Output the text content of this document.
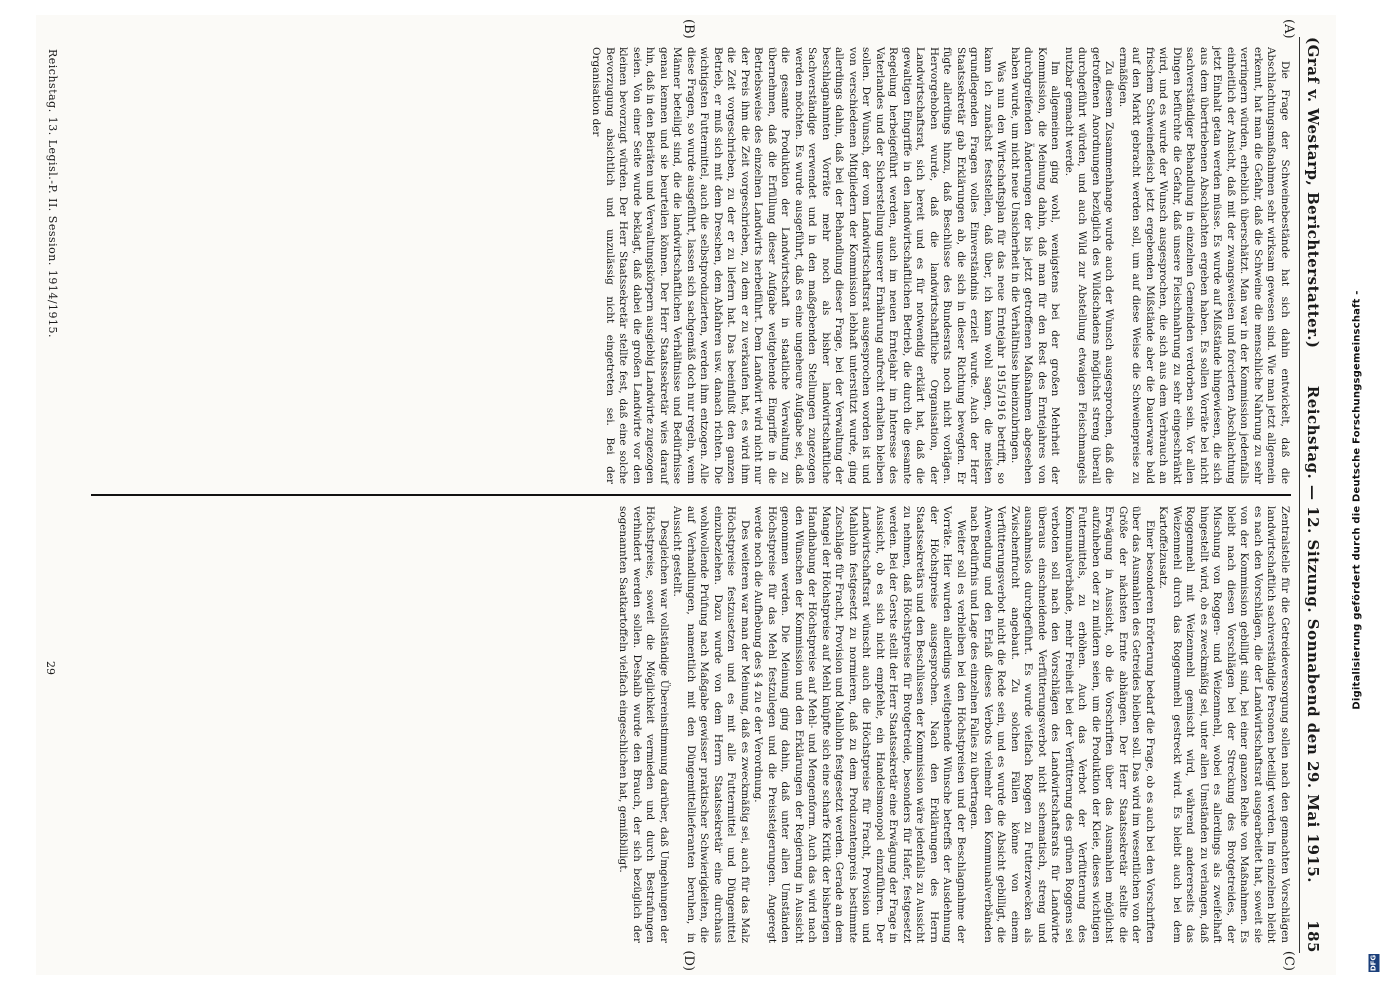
(Graf v. Westarp, Berichterstatter.)
Reichstag. — 12. Sitzung. Sonnabend den 29. Mai 1915.
185
(A)
(B)
(C)
(D)

Die Frage der Schweinebestände hat sich dahin entwickelt, daß die Abschlachtungsmaßnahmen sehr wirksam gewesen sind. Wie man jetzt allgemein erkennt, hat man die Gefahr, daß die Schweine die menschliche Nahrung zu sehr verringern würden, erheblich überschätzt. Man war in der Kommission jedenfalls einheitlich der Ansicht, daß mit der zwangsweisen und forcierten Abschlachtung jetzt Einhalt getan werden müsse. Es wurde auf Mißstände hingewiesen, die sich aus dem übertriebenen Abschlachten ergeben haben. Es sollen Vorräte bei nicht sachverständiger Behandlung in einzelnen Gemeinden verdorben sein. Vor allen Dingen befürchte die Gefahr, daß unsere Fleischnahrung zu sehr eingeschränkt wird, und es wurde der Wunsch ausgesprochen, die sich aus dem Verbrauch an frischem Schweinefleisch jetzt ergebenden Mißstände aber die Dauerware bald auf den Markt gebracht werden soll, um auf diese Weise die Schweinepreise zu ermäßigen.

Zu diesem Zusammenhange wurde auch der Wunsch ausgesprochen, daß die getroffenen Anordnungen bezüglich des Wildschadens möglichst streng überall durchgeführt würden, und auch Wild zur Abstellung etwaigen Fleischmangels nutzbar gemacht werde.

Im allgemeinen ging wohl, wenigstens bei der großen Mehrheit der Kommission, die Meinung dahin, daß man für den Rest des Erntejahres von durchgreifenden Änderungen der bis jetzt getroffenen Maßnahmen abgesehen haben wurde, um nicht neue Unsicherheit in die Verhältnisse hineinzubringen.

Was nun den Wirtschaftsplan für das neue Erntejahr 1915/1916 betrifft, so kann ich zunächst feststellen, daß über, ich kann wohl sagen, die meisten grundlegenden Fragen volles Einverständnis erzielt wurde. Auch der Herr Staatssekretär gab Erklärungen ab, die sich in dieser Richtung bewegten. Er fügte allerdings hinzu, daß Beschlüsse des Bundesrats noch nicht vorlägen. Hervorgehoben wurde, daß die landwirtschaftliche Organisation, der Landwirtschaftsrat, sich bereit und es für notwendig erklärt hat, daß die gewaltigen Eingriffe in den landwirtschaftlichen Betrieb, die durch die gesamte Regelung herbeigeführt werden, auch im neuen Erntejahr im Interesse des Vaterlandes und der Sicherstellung unserer Ernährung aufrecht erhalten bleiben sollen. Der Wunsch, der vom Landwirtschaftsrat ausgesprochen worden ist und von verschiedenen Mitgliedern der Kommission lebhaft unterstützt wurde, ging allerdings dahin, daß bei der Behandlung dieser Frage, bei der Verwaltung der beschlagnahmten Vorräte mehr noch als bisher landwirtschaftliche Sachverständige verwendet und in den maßgebenden Stellungen zugezogen werden möchten. Es wurde ausgeführt, daß es eine ungeheure Aufgabe sei, daß die gesamte Produktion der Landwirtschaft in staatliche Verwaltung zu übernehmen, daß die Erfüllung dieser Aufgabe weitgehende Eingriffe in die Betriebsweise des einzelnen Landwirts herbeiführt. Dem Landwirt wird nicht nur der Preis ihm die Zeit vorgeschrieben, zu dem er zu verkaufen hat, es wird ihm die Zeit vorgeschrieben, zu der er zu liefern hat. Das beeinflußt den ganzen Betrieb, er muß sich mit dem Dreschen, dem Abfahren usw. danach richten. Die wichtigsten Futtermittel, auch die selbstproduzierten, werden ihm entzogen. Alle diese Fragen, so wurde ausgeführt, lassen sich sachgemäß doch nur regeln, wenn Männer beteiligt sind, die die landwirtschaftlichen Verhältnisse und Bedürfnisse genau kennen und sie beurteilen können. Der Herr Staatssekretär wies darauf hin, daß in den Beiräten und Verwaltungskörpern ausgiebig Landwirte zugezogen seien. Von einer Seite wurde beklagt, daß dabei die großen Landwirte vor den kleinen bevorzugt würden. Der Herr Staatssekretär stellte fest, daß eine solche Bevorzugung absichtlich und unzulässig nicht eingetreten sei. Bei der Organisation der

Zentralstelle für die Getreideversorgung sollen nach den gemachten Vorschlägen landwirtschaftlich sachverständige Personen beteiligt werden. Im einzelnen bleibt es nach den Vorschlägen, die der Landwirtschaftsrat ausgearbeitet hat, soweit sie von der Kommission gebilligt sind, bei einer ganzen Reihe von Maßnahmen. Es bleibt nach diesen Vorschlägen bei der Streckung des Brotgetreides, der Mischung von Roggen- und Weizenmehl, wobei es allerdings als zweifelhaft hingestellt wird, ob es zweckmäßig sei, unter allen Umständen zu verlangen, daß Roggenmehl mit Weizenmehl gemischt wird, während andererseits das Weizenmehl durch das Roggenmehl gestreckt wird. Es bleibt auch bei dem Kartoffelzusatz.

Einer besonderen Erörterung bedarf die Frage, ob es auch bei den Vorschriften über das Ausmahlen des Getreides bleiben soll. Das wird im wesentlichen von der Größe der nächsten Ernte abhängen. Der Herr Staatssekretär stellte die Erwägung in Aussicht, ob die Vorschriften über das Ausmahlen möglichst aufzuheben oder zu mildern seien, um die Produktion der Kleie, dieses wichtigen Futtermittels, zu erhöhen. Auch das Verbot der Verfütterung des Kommunalverbände, mehr Freiheit bei der Verfütterung des grünen Roggens sei verboten soll nach den Vorschlägen des Landwirtschaftsrats für Landwirte überaus einschneidende Verfütterungsverbot nicht schematisch, streng und ausnahmslos durchgeführt. Es wurde vielfach Roggen zu Futterzwecken als Zwischenfrucht angebaut. Zu solchen Fällen könne von einem Verfütterungsverbot nicht die Rede sein, und es wurde die Absicht gebilligt, die Anwendung und den Erlaß dieses Verbots vielmehr den Kommunalverbänden nach Bedürfnis und Lage des einzelnen Falles zu übertragen.

Weiter soll es verbleiben bei den Höchstpreisen und der Beschlagnahme der Vorräte. Hier wurden allerdings weitgehende Wünsche betreffs der Ausdehnung der Höchstpreise ausgesprochen. Nach den Erklärungen des Herrn Staatssekretärs und den Beschlüssen der Kommission wäre jedenfalls zu Aussicht zu nehmen, daß Höchstpreise für Brotgetreide, besonders für Hafer, festgesetzt werden. Bei der Gerste stellt der Herr Staatssekretär eine Erwägung der Frage in Aussicht, ob es sich nicht empfehle, ein Handelsmonopol einzuführen. Der Landwirtschaftsrat wünscht auch die Höchstpreise für Fracht, Provision und Mahllohn festgesetzt zu normieren, daß zu dem Produzentenpreis bestimmte Zuschläge für Fracht, Provision und Mahllohn festgesetzt werden. Gerade an dem Mangel der Höchstpreise auf Mehl knüpfte sich eine scharfe Kritik der bisherigen Handhabung der Höchstpreise auf Mehl- und Mengenform. Auch das wird nach den Wünschen der Kommission und den Erklärungen der Regierung in Aussicht genommen werden. Die Meinung ging dahin, daß unter allen Umständen Höchstpreise für das Mehl festzulegen und die Preissteigerungen. Angeregt werde noch die Aufhebung des § 4 zu e der Verordnung.

Des weiteren war man der Meinung, daß es zweckmäßig sei, auch für das Malz Höchstpreise festzusetzen und es mit alle Futtermittel und Düngemittel einzubeziehen. Dazu wurde von dem Herrn Staatssekretär eine durchaus wohlwollende Prüfung nach Maßgabe gewisser praktischer Schwierigkeiten, die auf Verhandlungen, namentlich mit den Düngemittellieferanten beruhen, in Aussicht gestellt.

Desgleichen war vollständige Übereinstimmung darüber, daß Umgehungen der Höchstpreise, soweit die Möglichkeit vermieden und durch Bestrafungen verhindert werden sollen. Deshalb wurde den Brauch, der sich bezüglich der sogenannten Saatkartoffeln vielfach eingeschlichen hat, gemißbilligt.

Reichstag. 13. Legisl.-P. II. Session. 1914/1915.
29	Digitalisierung gefördert durch die Deutsche Forschungsgemeinschaft -
DFG
